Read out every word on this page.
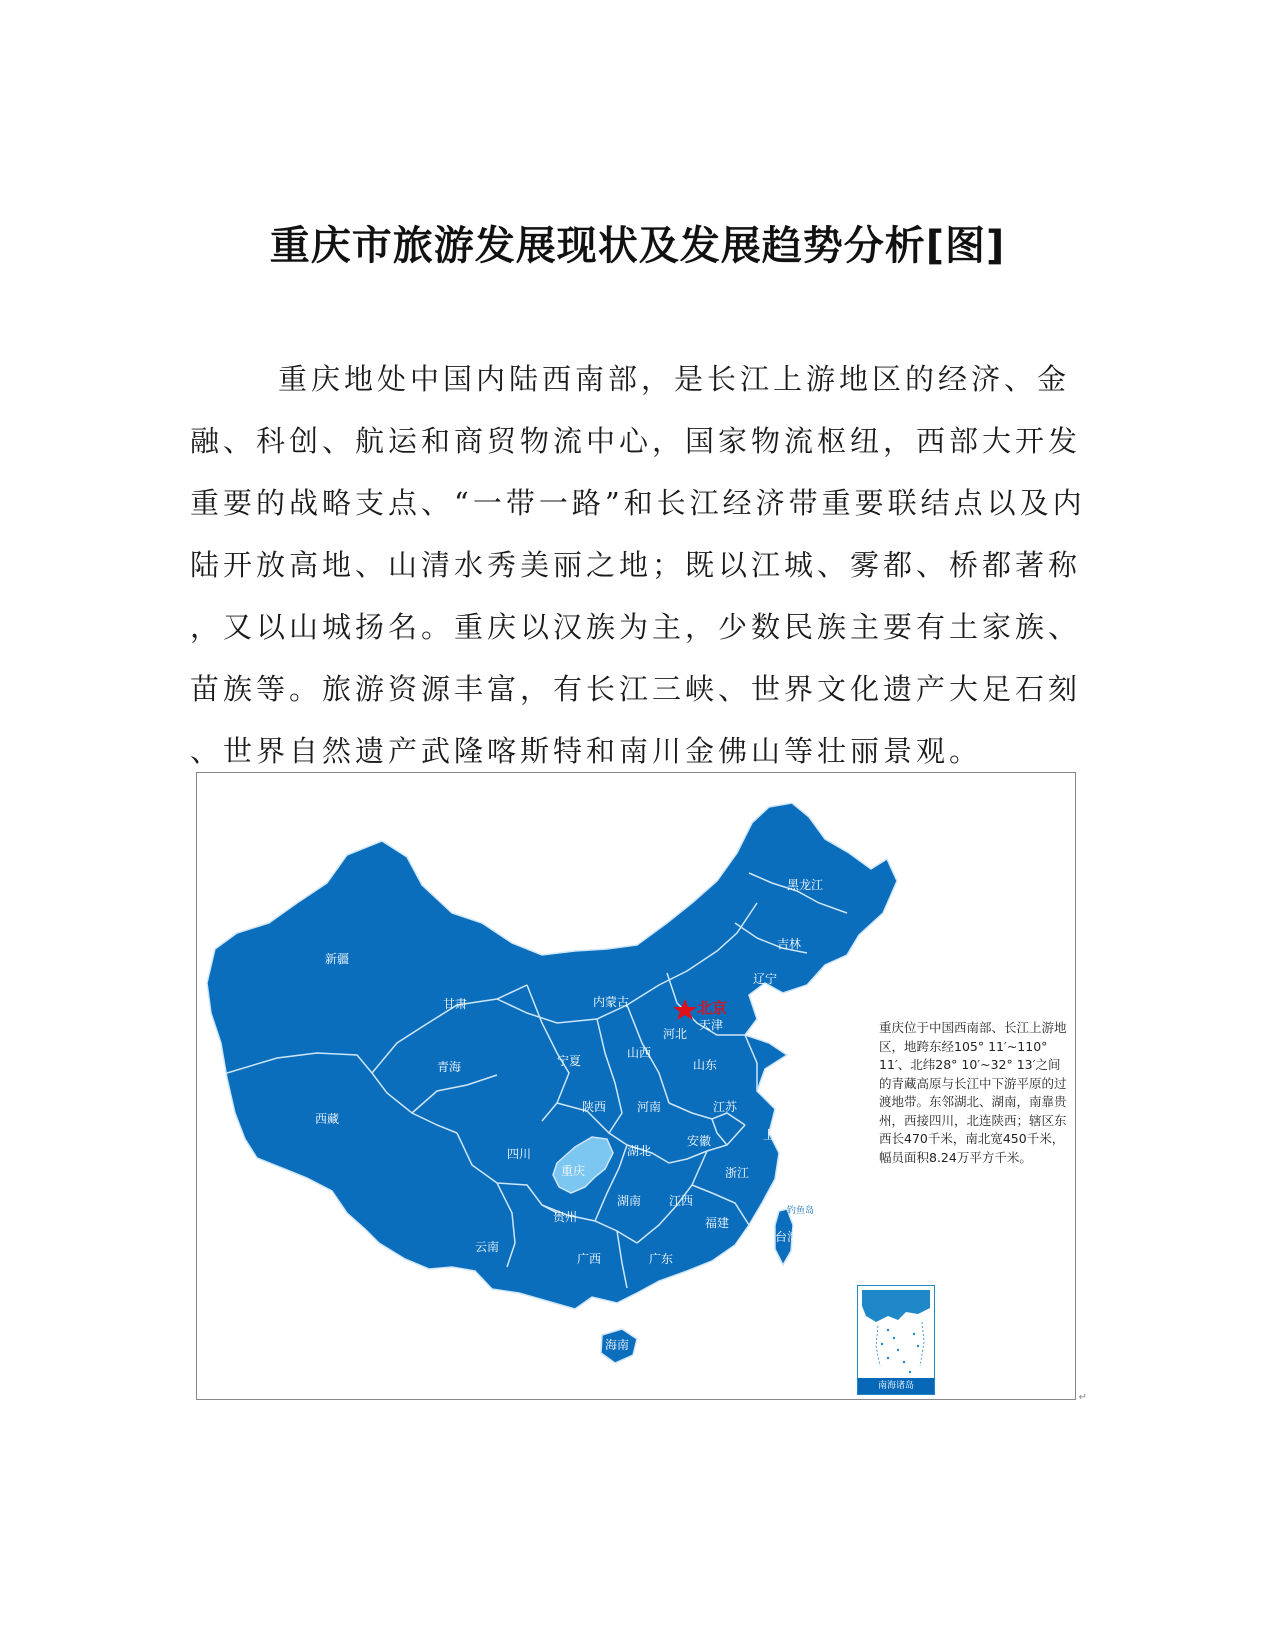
重庆市旅游发展现状及发展趋势分析[图]
重庆地处中国内陆西南部，是长江上游地区的经济、金
融、科创、航运和商贸物流中心，国家物流枢纽，西部大开发
重要的战略支点、“一带一路”和长江经济带重要联结点以及内
陆开放高地、山清水秀美丽之地；既以江城、雾都、桥都著称
，又以山城扬名。重庆以汉族为主，少数民族主要有土家族、
苗族等。旅游资源丰富，有长江三峡、世界文化遗产大足石刻
、世界自然遗产武隆喀斯特和南川金佛山等壮丽景观。
北京
新疆
西藏
青海
甘肃	内蒙古
黑龙江
吉林
辽宁
河北
天津
山西
山东
宁夏
陕西	河南	江苏
上海
安徽
湖北
四川
重庆	浙江
江西
湖南
贵州
云南
广西	广东
福建
台湾
香港
澳门
海南
钓鱼岛
重庆位于中国西南部、长江上游地区，地跨东经105° 11′~110° 11′、北纬28° 10′~32° 13′之间的青藏高原与长江中下游平原的过渡地带。东邻湖北、湖南，南靠贵州，西接四川，北连陕西；辖区东西长470千米，南北宽450千米，幅员面积8.24万平方千米。
南海诸岛
↵
